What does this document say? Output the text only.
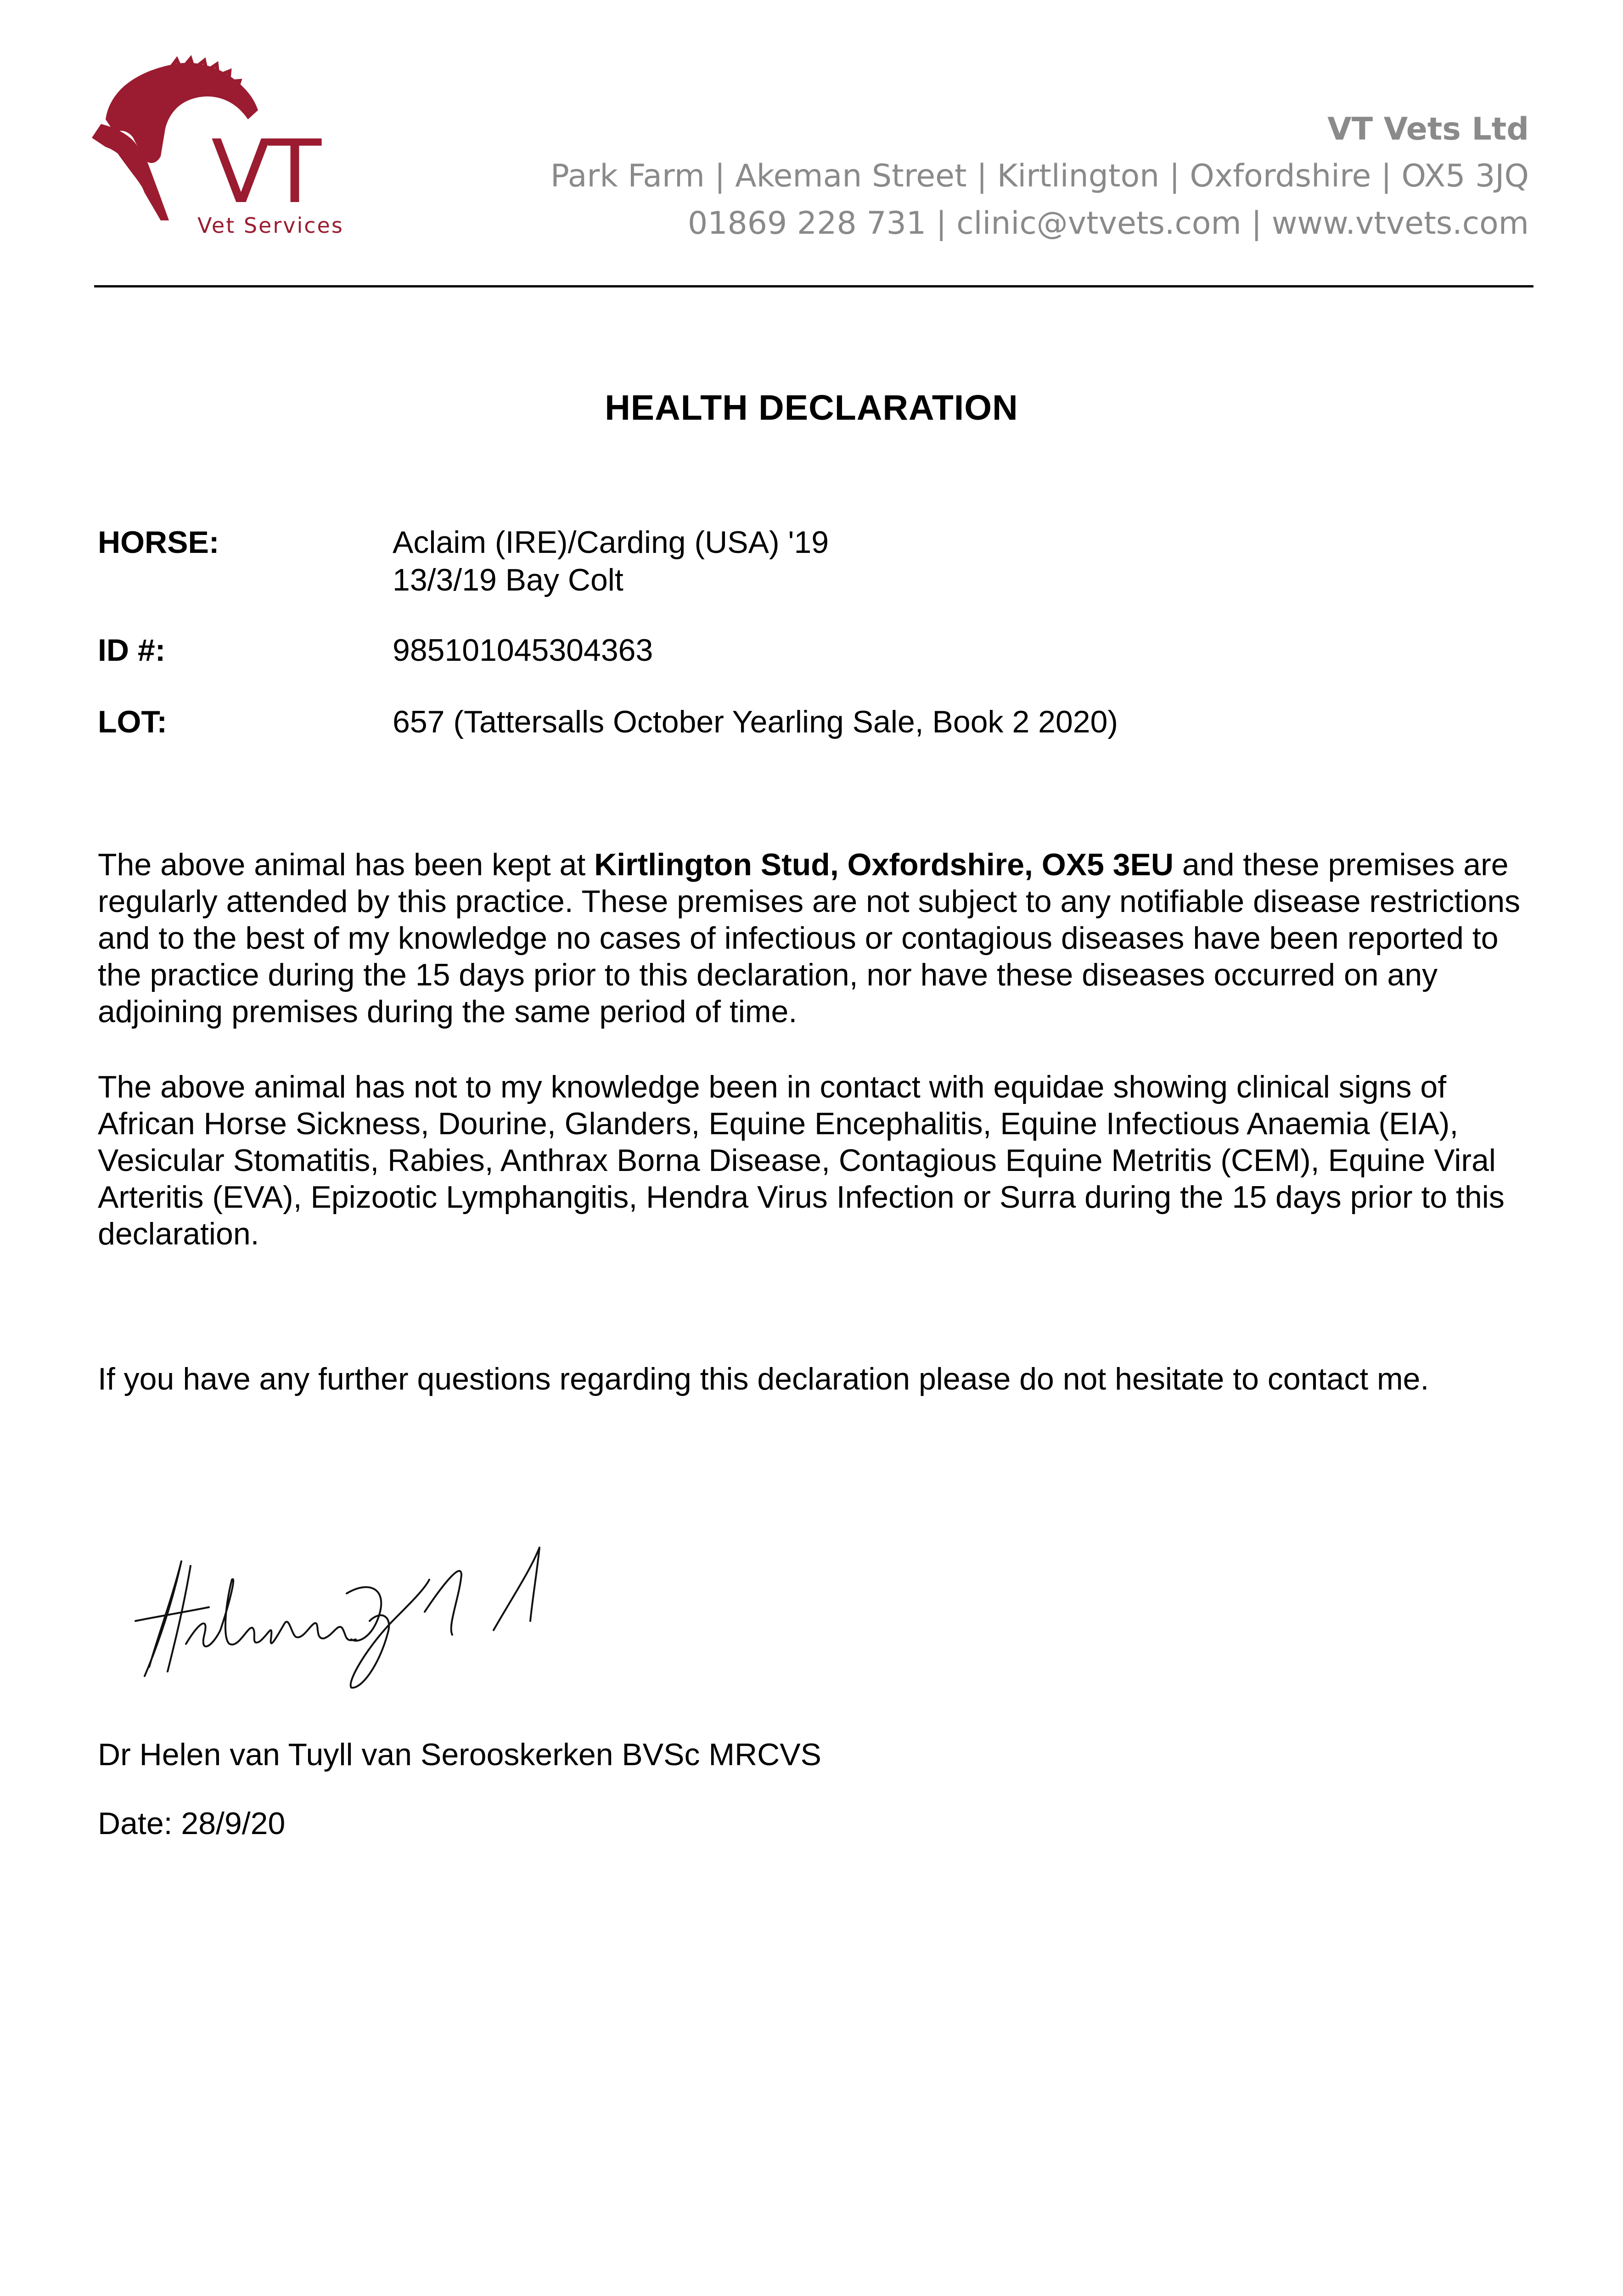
VT
Vet Services
VT Vets Ltd
Park Farm | Akeman Street | Kirtlington | Oxfordshire | OX5 3JQ
01869 228 731 | clinic@vtvets.com | www.vtvets.com
HEALTH DECLARATION
HORSE:	Aclaim (IRE)/Carding (USA) '19
13/3/19 Bay Colt
ID #:	985101045304363
LOT:	657 (Tattersalls October Yearling Sale, Book 2 2020)

The above animal has been kept at Kirtlington Stud, Oxfordshire, OX5 3EU and these premises are regularly attended by this practice. These premises are not subject to any notifiable disease restrictions and to the best of my knowledge no cases of infectious or contagious diseases have been reported to the practice during the 15 days prior to this declaration, nor have these diseases occurred on any adjoining premises during the same period of time.

The above animal has not to my knowledge been in contact with equidae showing clinical signs of African Horse Sickness, Dourine, Glanders, Equine Encephalitis, Equine Infectious Anaemia (EIA), Vesicular Stomatitis, Rabies, Anthrax Borna Disease, Contagious Equine Metritis (CEM), Equine Viral Arteritis (EVA), Epizootic Lymphangitis, Hendra Virus Infection or Surra during the 15 days prior to this declaration.

If you have any further questions regarding this declaration please do not hesitate to contact me.

Dr Helen van Tuyll van Serooskerken BVSc MRCVS
Date: 28/9/20
